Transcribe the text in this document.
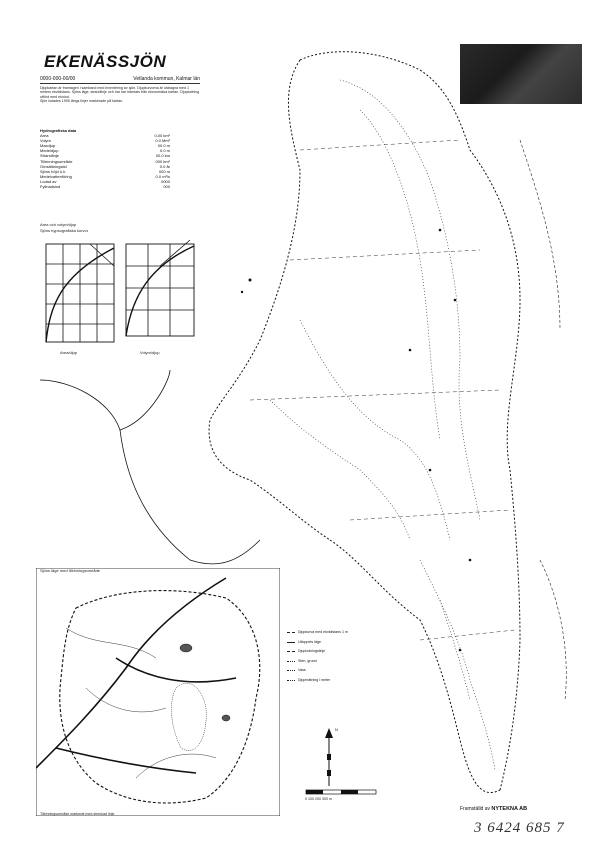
EKENÄSSJÖN
0000-000-00/00	Vetlanda kommun, Kalmar län
Djupkartan är framtagen i samband med inventering av sjön. Djupkurvorna är utdragna med 1 meters ekvidistans. Sjöns läge, strandlinje och öar har hämtats från ekonomiska kartan. Djuplodning utförd med ekolod.
Sjön lodades 1995 längs linjer markerade på kartan.
Hydrografiska data
Area	0.00 km²
Volym	0.0 Mm³
Maxdjup	00.0 m
Medeldjup	0.0 m
Strandlinje	00.0 km
Tillrinningsområde	000 km²
Omsättningstid	0.0 år
Sjöns höjd ö.h.	000 m
Medelvattenföring	0.0 m³/s
Lodad av	0000
Fyllnadslod	000
Area och volym/djup
Sjöns hypsografiska kurvor
Area/djup	Volym/djup
Sjöns läge med tillrinningsområde
Tillrinningsområde markerat med streckad linje
Djupkurva med ekvidistans 1 m
Utloppets läge
Djuplodningslinje
Sten, grund
Vass
Djupmätning i meter
N
0 100 200 300 m
Framställd av NYTEKNA AB
3 6424 685 7
